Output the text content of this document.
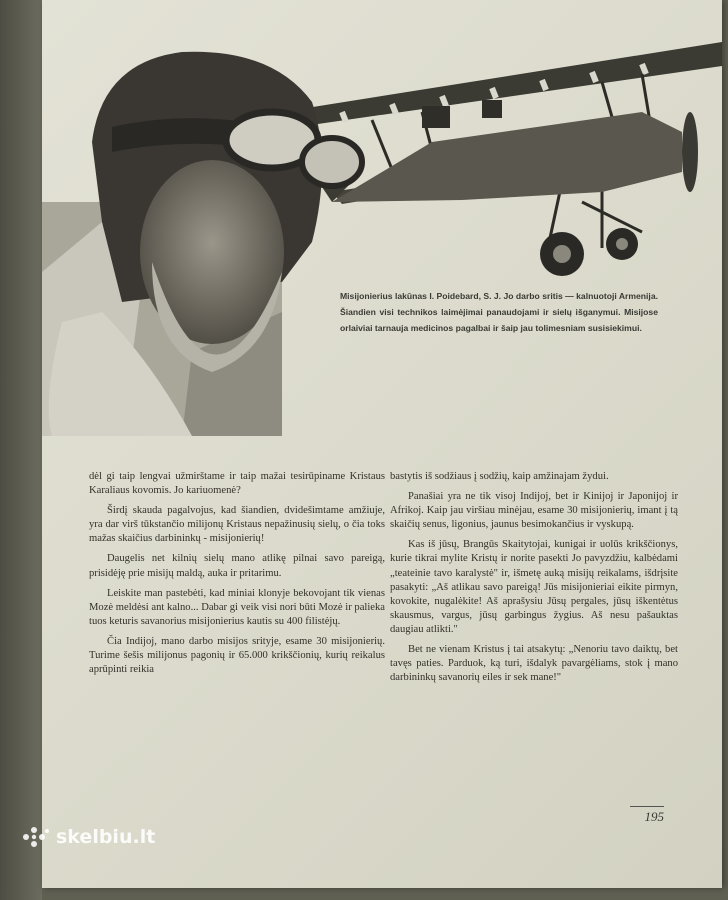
Misijonierius lakūnas I. Poidebard, S. J. Jo darbo sritis — kalnuotoji Armenija. Šiandien visi technikos laimėjimai panaudojami ir sielų išganymui. Misijose orlaiviai tarnauja medicinos pagalbai ir šaip jau tolimesniam susisiekimui.

dėl gi taip lengvai užmirštame ir taip mažai tesirūpiname Kristaus Karaliaus kovomis. Jo kariuomenė?

Širdį skauda pagalvojus, kad šiandien, dvidešimtame amžiuje, yra dar virš tūkstančio milijonų Kristaus nepažinusių sielų, o čia toks mažas skaičius darbininkų - misijonierių!

Daugelis net kilnių sielų mano atlikę pilnai savo pareigą, prisidėję prie misijų maldą, auka ir pritarimu.

Leiskite man pastebėti, kad miniai klonyje bekovojant tik vienas Mozė meldėsi ant kalno... Dabar gi veik visi nori būti Mozė ir palieka tuos keturis savanorius misijonierius kautis su 400 filistėjų.

Čia Indijoj, mano darbo misijos srityje, esame 30 misijonierių. Turime šešis milijonus pagonių ir 65.000 krikščionių, kurių reikalus aprūpinti reikia

bastytis iš sodžiaus į sodžių, kaip amžinajam žydui.

Panašiai yra ne tik visoj Indijoj, bet ir Kinijoj ir Japonijoj ir Afrikoj. Kaip jau viršiau minėjau, esame 30 misijonierių, imant į tą skaičių senus, ligonius, jaunus besimokančius ir vyskupą.

Kas iš jūsų, Brangūs Skaitytojai, kunigai ir uolūs krikščionys, kurie tikrai mylite Kristų ir norite pasekti Jo pavyzdžiu, kalbėdami „teateinie tavo karalystė" ir, išmetę auką misijų reikalams, išdrįsite pasakyti: „Aš atlikau savo pareigą! Jūs misijonieriai eikite pirmyn, kovokite, nugalėkite! Aš aprašysiu Jūsų pergales, jūsų iškentėtus skausmus, vargus, jūsų garbingus žygius. Aš nesu pašauktas daugiau atlikti."

Bet ne vienam Kristus į tai atsakytų: „Nenoriu tavo daiktų, bet tavęs paties. Parduok, ką turi, išdalyk pavargėliams, stok į mano darbininkų savanorių eiles ir sek mane!"

195
skelbiu.lt
